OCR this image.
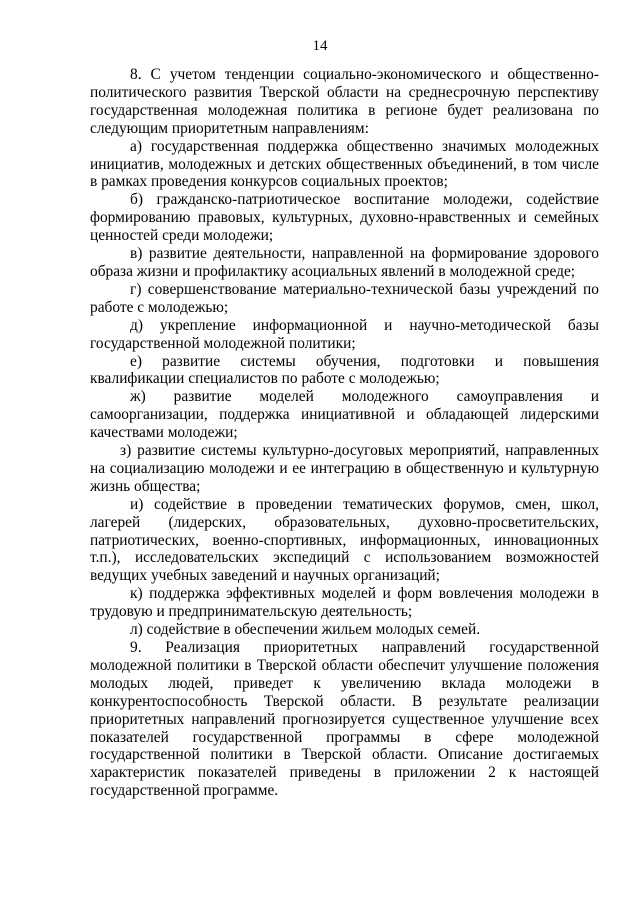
14

8. С учетом тенденции социально-экономического и общественно-политического развития Тверской области на среднесрочную перспективу государственная молодежная политика в регионе будет реализована по следующим приоритетным направлениям:

а) государственная поддержка общественно значимых молодежных инициатив, молодежных и детских общественных объединений, в том числе в рамках проведения конкурсов социальных проектов;

б) гражданско-патриотическое воспитание молодежи, содействие формированию правовых, культурных, духовно-нравственных и семейных ценностей среди молодежи;

в) развитие деятельности, направленной на формирование здорового образа жизни и профилактику асоциальных явлений в молодежной среде;

г) совершенствование материально-технической базы учреждений по работе с молодежью;

д) укрепление информационной и научно-методической базы государственной молодежной политики;

е) развитие системы обучения, подготовки и повышения квалификации специалистов по работе с молодежью;

ж) развитие моделей молодежного самоуправления и самоорганизации, поддержка инициативной и обладающей лидерскими качествами молодежи;

з) развитие системы культурно-досуговых мероприятий, направленных на социализацию молодежи и ее интеграцию в общественную и культурную жизнь общества;

и) содействие в проведении тематических форумов, смен, школ, лагерей (лидерских, образовательных, духовно-просветительских, патриотических, военно-спортивных, информационных, инновационных т.п.), исследовательских экспедиций с использованием возможностей ведущих учебных заведений и научных организаций;

к) поддержка эффективных моделей и форм вовлечения молодежи в трудовую и предпринимательскую деятельность;

л) содействие в обеспечении жильем молодых семей.

9. Реализация приоритетных направлений государственной молодежной политики в Тверской области обеспечит улучшение положения молодых людей, приведет к увеличению вклада молодежи в конкурентоспособность Тверской области. В результате реализации приоритетных направлений прогнозируется существенное улучшение всех показателей государственной программы в сфере молодежной государственной политики в Тверской области. Описание достигаемых характеристик показателей приведены в приложении 2 к настоящей государственной программе.
